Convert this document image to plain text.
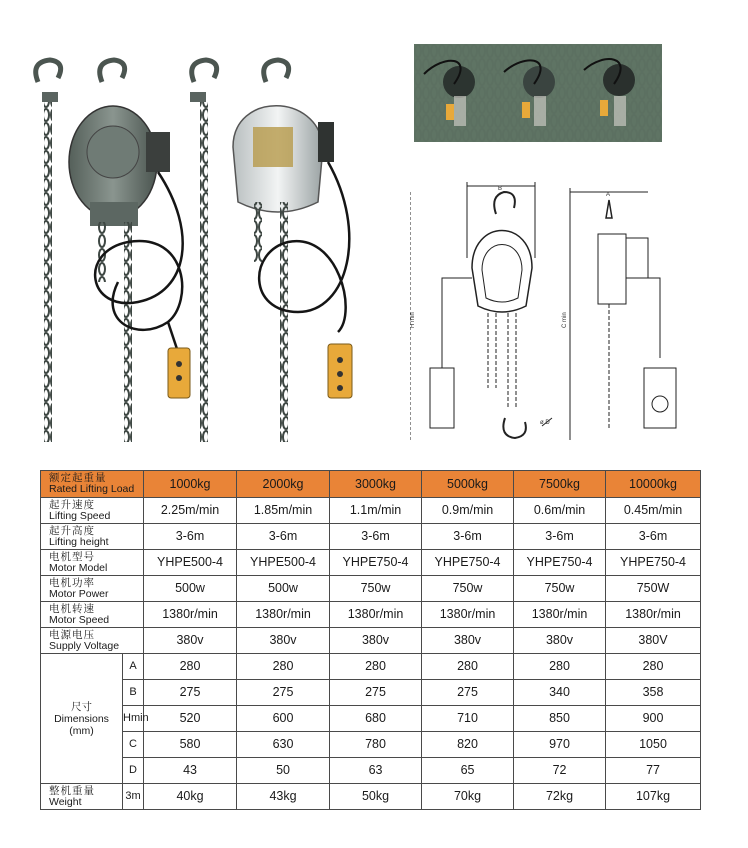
B
A
H min	C min
ø D
额定起重量
Rated Lifting Load		1000kg	2000kg	3000kg	5000kg	7500kg	10000kg

起升速度
Lifting Speed		2.25m/min	1.85m/min	1.1m/min	0.9m/min	0.6m/min	0.45m/min

起升高度
Lifting height		3-6m	3-6m	3-6m	3-6m	3-6m	3-6m

电机型号
Motor Model		YHPE500-4	YHPE500-4	YHPE750-4	YHPE750-4	YHPE750-4	YHPE750-4

电机功率
Motor Power		500w	500w	750w	750w	750w	750W

电机转速
Motor Speed		1380r/min	1380r/min	1380r/min	1380r/min	1380r/min	1380r/min

电源电压
Supply Voltage		380v	380v	380v	380v	380v	380V

尺寸
Dimensions
(mm)	A	280	280	280	280	280	280
	B	275	275	275	275	340	358
	Hmin	520	600	680	710	850	900
	C	580	630	780	820	970	1050
	D	43	50	63	65	72	77

整机重量
Weight	3m	40kg	43kg	50kg	70kg	72kg	107kg
